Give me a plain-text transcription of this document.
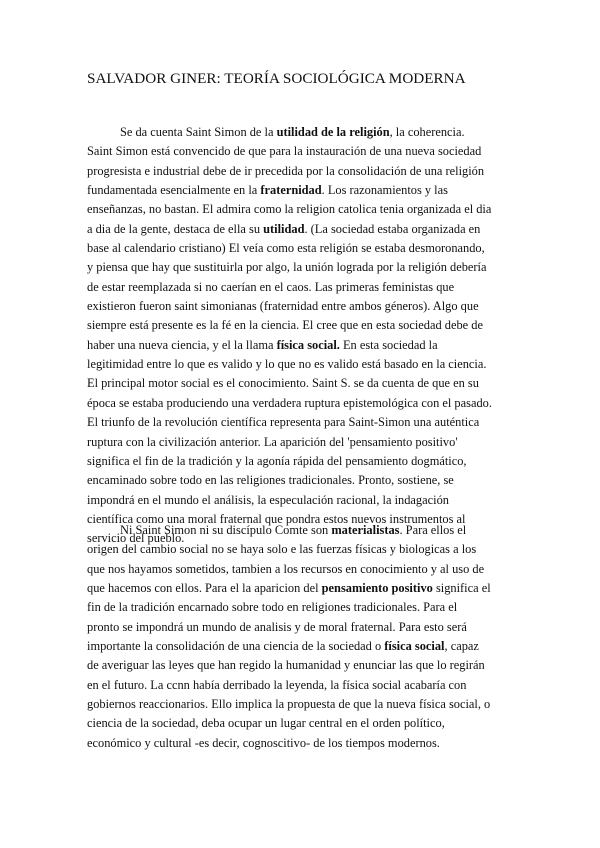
SALVADOR GINER: TEORÍA SOCIOLÓGICA MODERNA
Se da cuenta Saint Simon de la utilidad de la religión, la coherencia.
Saint Simon está convencido de que para la instauración de una nueva sociedad
progresista e industrial debe de ir precedida por la consolidación de una religión
fundamentada esencialmente en la fraternidad. Los razonamientos y las
enseñanzas, no bastan. El admira como la religion catolica tenia organizada el dia
a dia de la gente, destaca de ella su utilidad. (La sociedad estaba organizada en
base al calendario cristiano) El veía como esta religión se estaba desmoronando,
y piensa que hay que sustituirla por algo, la unión lograda por la religión debería
de estar reemplazada si no caerían en el caos. Las primeras feministas que
existieron fueron saint simonianas (fraternidad entre ambos géneros). Algo que
siempre está presente es la fé en la ciencia. El cree que en esta sociedad debe de
haber una nueva ciencia, y el la llama física social. En esta sociedad la
legitimidad entre lo que es valido y lo que no es valido está basado en la ciencia.
El principal motor social es el conocimiento. Saint S. se da cuenta de que en su
época se estaba produciendo una verdadera ruptura epistemológica con el pasado.
El triunfo de la revolución científica representa para Saint-Simon una auténtica
ruptura con la civilización anterior. La aparición del 'pensamiento positivo'
significa el fin de la tradición y la agonía rápida del pensamiento dogmático,
encaminado sobre todo en las religiones tradicionales. Pronto, sostiene, se
impondrá en el mundo el análisis, la especulación racional, la indagación
científica como una moral fraternal que pondra estos nuevos instrumentos al
servicio del pueblo.
Ni Saint Simon ni su discípulo Comte son materialistas. Para ellos el
origen del cambio social no se haya solo e las fuerzas físicas y biologicas a los
que nos hayamos sometidos, tambien a los recursos en conocimiento y al uso de
que hacemos con ellos. Para el la aparicion del pensamiento positivo significa el
fin de la tradición encarnado sobre todo en religiones tradicionales. Para el
pronto se impondrá un mundo de analisis y de moral fraternal. Para esto será
importante la consolidación de una ciencia de la sociedad o física social, capaz
de averiguar las leyes que han regido la humanidad y enunciar las que lo regirán
en el futuro. La ccnn había derribado la leyenda, la física social acabaría con
gobiernos reaccionarios. Ello implica la propuesta de que la nueva física social, o
ciencia de la sociedad, deba ocupar un lugar central en el orden político,
económico y cultural -es decir, cognoscitivo- de los tiempos modernos.
